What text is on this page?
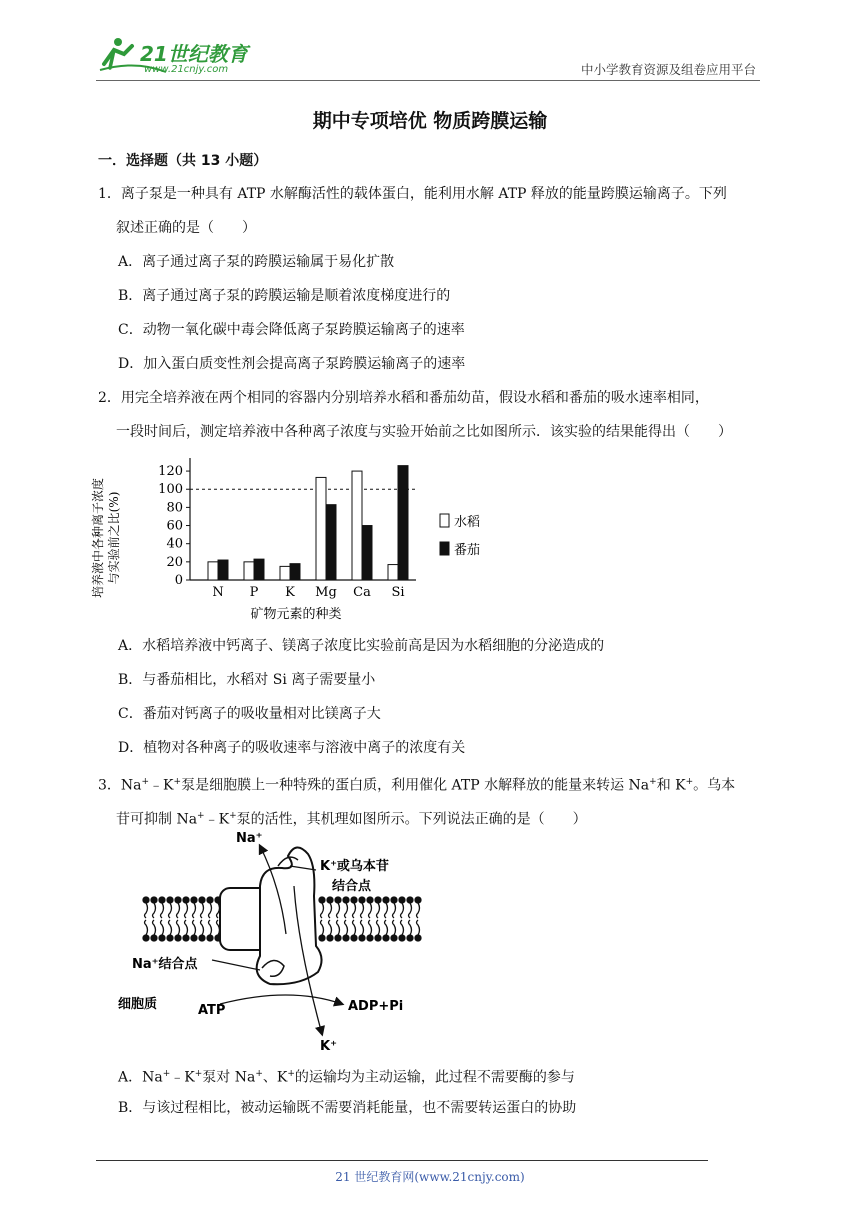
21世纪教育
www.21cnjy.com	中小学教育资源及组卷应用平台
期中专项培优 物质跨膜运输
一．选择题（共 13 小题）
1．离子泵是一种具有 ATP 水解酶活性的载体蛋白，能利用水解 ATP 释放的能量跨膜运输离子。下列
叙述正确的是（　　）
A．离子通过离子泵的跨膜运输属于易化扩散
B．离子通过离子泵的跨膜运输是顺着浓度梯度进行的
C．动物一氧化碳中毒会降低离子泵跨膜运输离子的速率
D．加入蛋白质变性剂会提高离子泵跨膜运输离子的速率
2．用完全培养液在两个相同的容器内分别培养水稻和番茄幼苗，假设水稻和番茄的吸水速率相同，
一段时间后，测定培养液中各种离子浓度与实验开始前之比如图所示．该实验的结果能得出（　　）
培养液中各种离子浓度 与实验前之比(%)
矿物元素的种类
0
20
40
60
80
100
120
N P K Mg Ca Si
水稻
番茄
A．水稻培养液中钙离子、镁离子浓度比实验前高是因为水稻细胞的分泌造成的
B．与番茄相比，水稻对 Si 离子需要量小
C．番茄对钙离子的吸收量相对比镁离子大
D．植物对各种离子的吸收速率与溶液中离子的浓度有关
3．Na+﹣K+泵是细胞膜上一种特殊的蛋白质，利用催化 ATP 水解释放的能量来转运 Na+和 K+。乌本
苷可抑制 Na+﹣K+泵的活性，其机理如图所示。下列说法正确的是（　　）
Na⁺
K⁺或乌本苷
结合点
Na⁺结合点
细胞质	ATP	ADP+Pi
K⁺
A．Na+﹣K+泵对 Na+、K+的运输均为主动运输，此过程不需要酶的参与
B．与该过程相比，被动运输既不需要消耗能量，也不需要转运蛋白的协助
21 世纪教育网(www.21cnjy.com)
